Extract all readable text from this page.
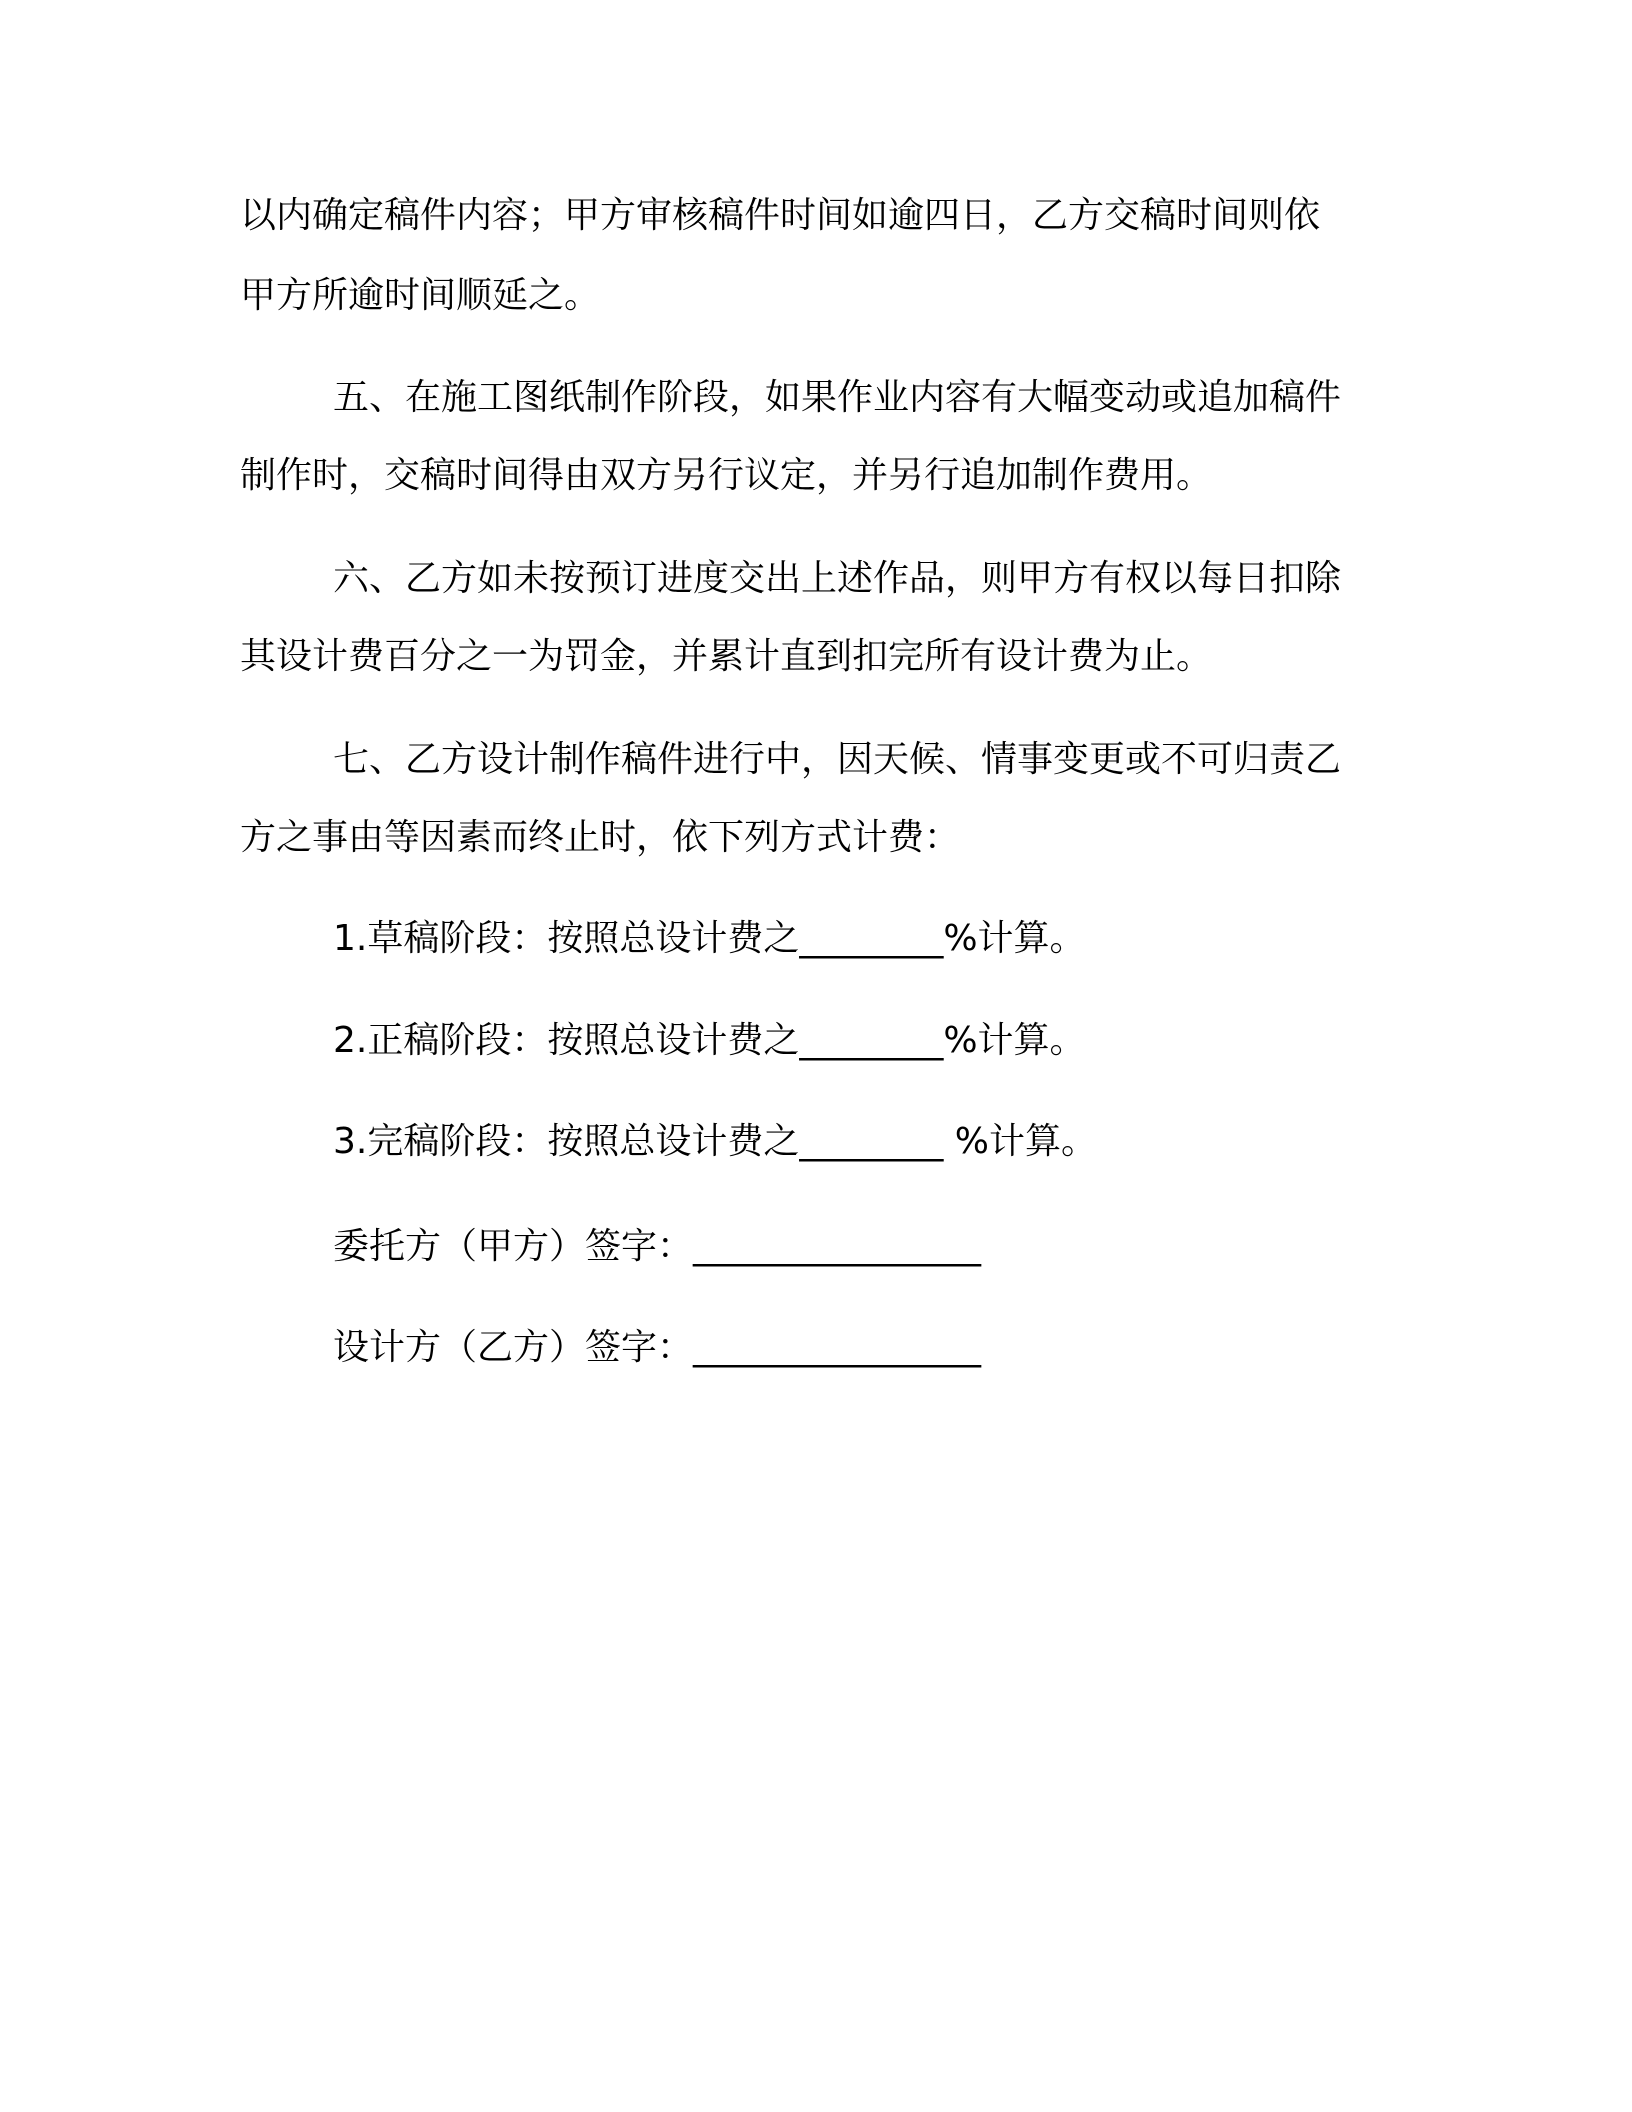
以内确定稿件内容；甲方审核稿件时间如逾四日，乙方交稿时间则依
甲方所逾时间顺延之。
五、在施工图纸制作阶段，如果作业内容有大幅变动或追加稿件
制作时，交稿时间得由双方另行议定，并另行追加制作费用。
六、乙方如未按预订进度交出上述作品，则甲方有权以每日扣除
其设计费百分之一为罚金，并累计直到扣完所有设计费为止。
七、乙方设计制作稿件进行中，因天候、情事变更或不可归责乙
方之事由等因素而终止时，依下列方式计费：
1.草稿阶段：按照总设计费之________%计算。
2.正稿阶段：按照总设计费之________%计算。
3.完稿阶段：按照总设计费之________ %计算。
委托方（甲方）签字：________________
设计方（乙方）签字：________________
